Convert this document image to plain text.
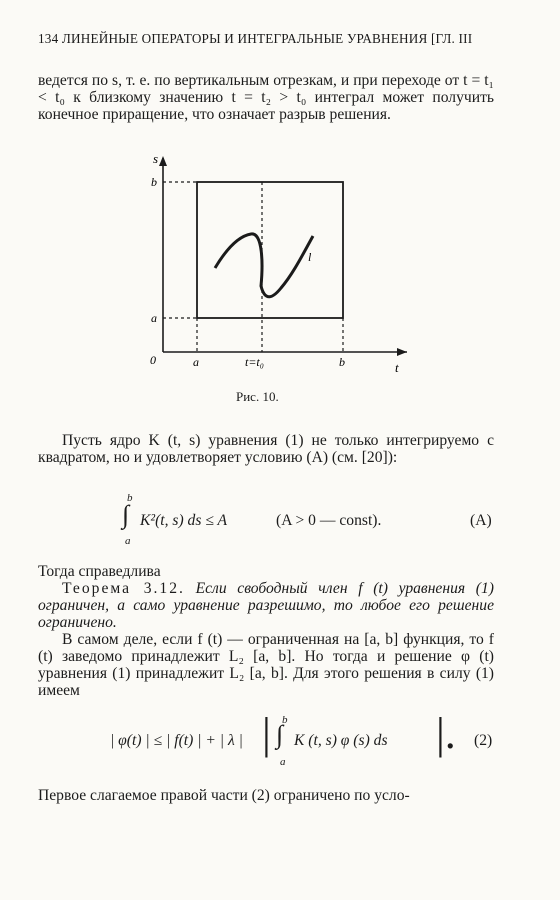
134 ЛИНЕЙНЫЕ ОПЕРАТОРЫ И ИНТЕГРАЛЬНЫЕ УРАВНЕНИЯ [ГЛ. III
ведется по s, т. е. по вертикальным отрезкам, и при переходе от t = t₁ < t₀ к близкому значению t = t₂ > t₀ интеграл может получить конечное приращение, что означает разрыв решения.
s
t
0
b
a
a	t=t₀	b
l
Рис. 10.
Пусть ядро K (t, s) уравнения (1) не только интегрируемо с квадратом, но и удовлетворяет условию (A) (см. [20]):
b
∫
a
K²(t, s) ds ≤ A	(A > 0 — const).	(A)
Тогда справедлива
Теорема 3.12. Если свободный член f (t) уравнения (1) ограничен, а само уравнение разрешимо, то любое его решение ограничено.
В самом деле, если f (t) — ограниченная на [a, b] функция, то f (t) заведомо принадлежит L₂ [a, b]. Но тогда и решение φ (t) уравнения (1) принадлежит L₂ [a, b]. Для этого решения в силу (1) имеем
| φ(t) | ≤ | f(t) | + | λ | | b
∫
a
K (t, s) φ (s) ds |. (2)
Первое слагаемое правой части (2) ограничено по усло-
